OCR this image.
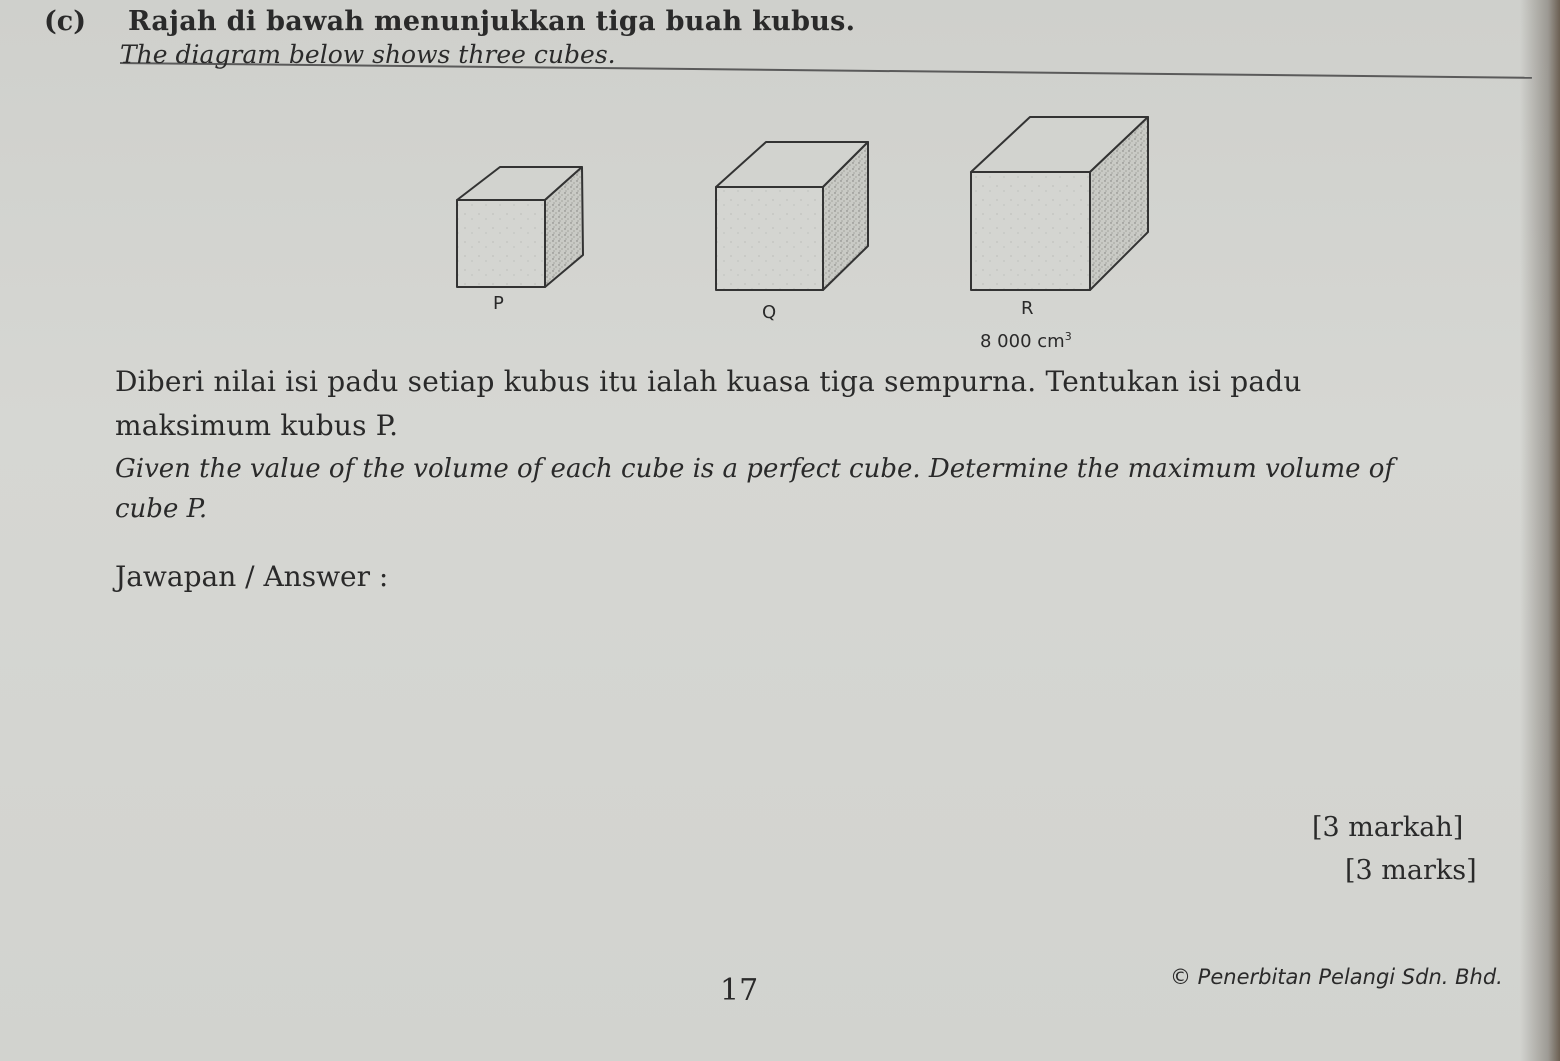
(c) Rajah di bawah menunjukkan tiga buah kubus.
The diagram below shows three cubes.
P	Q	R
8 000 $cm^3$
Diberi nilai isi padu setiap kubus itu ialah kuasa tiga sempurna. Tentukan isi padu
maksimum kubus P.
Given the value of the volume of each cube is a perfect cube. Determine the maximum volume of
cube P.
Jawapan / Answer :
[3 markah]
[3 marks]
17	© Penerbitan Pelangi Sdn. Bhd.
